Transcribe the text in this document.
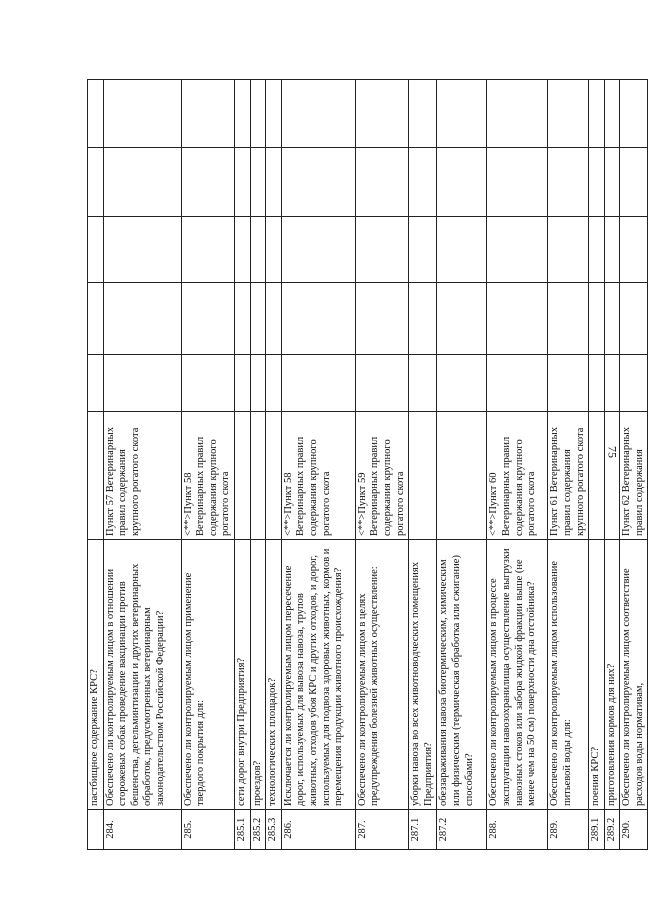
75
	пастбищное содержание КРС?						
284.	Обеспечено ли контролируемым лицом в отношении сторожевых собак проведение вакцинации против бешенства, дегельминтизации и других ветеринарных обработок, предусмотренных ветеринарным законодательством Российской Федерации?	Пункт 57 Ветеринарных правил содержания крупного рогатого скота					
285.	Обеспечено ли контролируемым лицом применение твердого покрытия для:	<**>Пункт 58 Ветеринарных правил содержания крупного рогатого скота					
285.1	сети дорог внутри Предприятия?						
285.2	проездов?						
285.3	технологических площадок?						
286.	Исключается ли контролируемым лицом пересечение дорог, используемых для вывоза навоза, трупов животных, отходов убоя КРС и других отходов, и дорог, используемых для подвоза здоровых животных, кормов и перемещения продукции животного происхождения?	<**>Пункт 58 Ветеринарных правил содержания крупного рогатого скота					
287.	Обеспечено ли контролируемым лицом в целях предупреждения болезней животных осуществление:	<**>Пункт 59 Ветеринарных правил содержания крупного рогатого скота					
287.1	уборки навоза во всех животноводческих помещениях Предприятия?						
287.2	обеззараживания навоза биотермическим, химическим или физическим (термическая обработка или сжигание) способами?						
288.	Обеспечено ли контролируемым лицом в процессе эксплуатации навозохранилища осуществление выгрузки навозных стоков или забора жидкой фракции выше (не менее чем на 50 см) поверхности дна отстойника?	<**>Пункт 60 Ветеринарных правил содержания крупного рогатого скота					
289.	Обеспечено ли контролируемым лицом использование питьевой воды для:	Пункт 61 Ветеринарных правил содержания крупного рогатого скота					
289.1	поения КРС?						
289.2	приготовления кормов для них?						
290.	Обеспечено ли контролируемым лицом соответствие расходов воды нормативам,	Пункт 62 Ветеринарных правил содержания					
